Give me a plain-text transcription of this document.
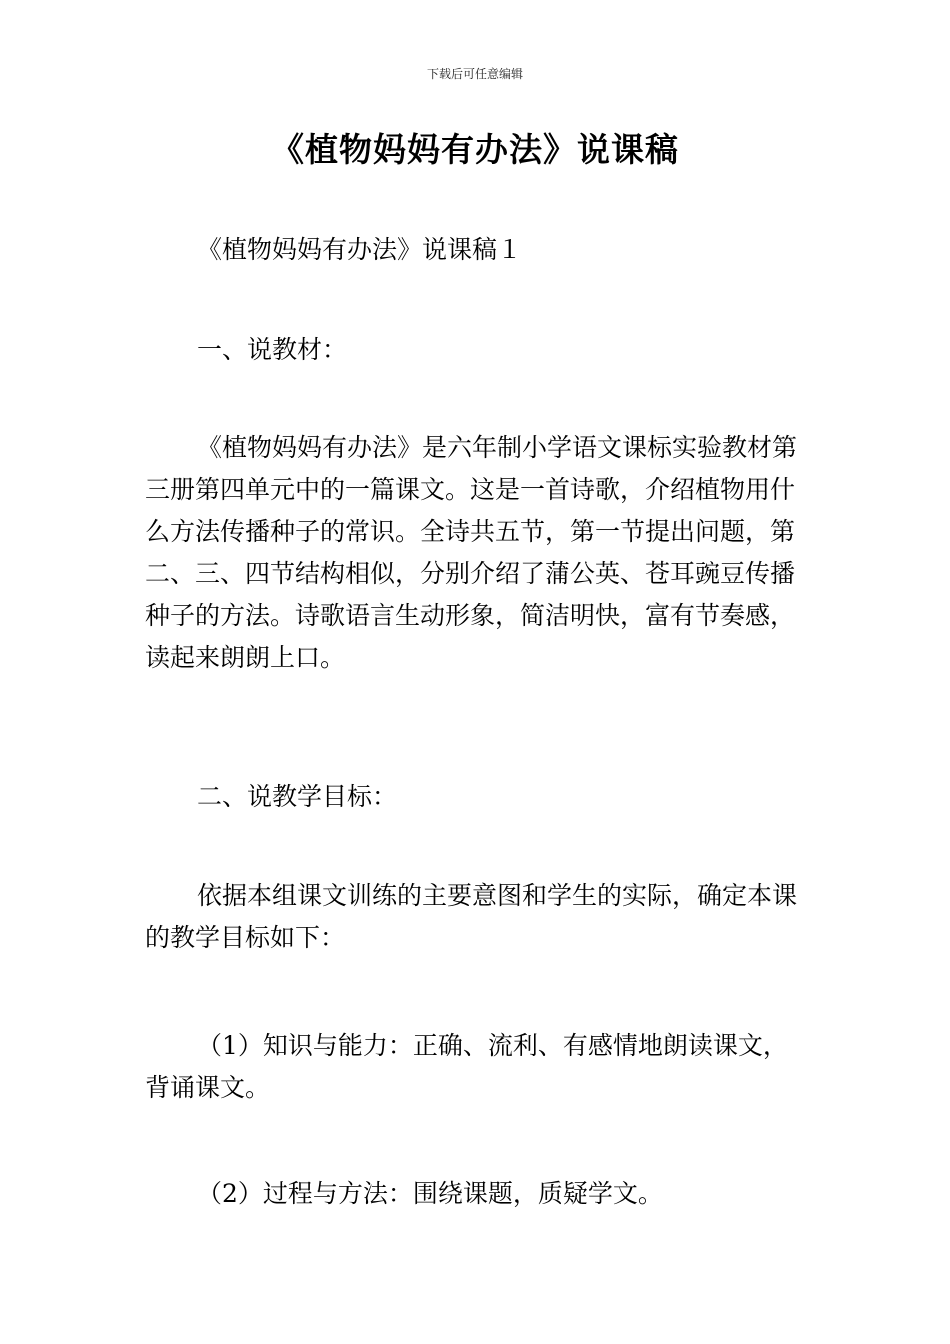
下载后可任意编辑
《植物妈妈有办法》说课稿

《植物妈妈有办法》说课稿１

一、说教材：

《植物妈妈有办法》是六年制小学语文课标实验教材第三册第四单元中的一篇课文。这是一首诗歌，介绍植物用什么方法传播种子的常识。全诗共五节，第一节提出问题，第二、三、四节结构相似，分别介绍了蒲公英、苍耳豌豆传播种子的方法。诗歌语言生动形象，简洁明快，富有节奏感，读起来朗朗上口。

二、说教学目标：

依据本组课文训练的主要意图和学生的实际，确定本课的教学目标如下：

（1）知识与能力：正确、流利、有感情地朗读课文，背诵课文。

（2）过程与方法：围绕课题，质疑学文。
